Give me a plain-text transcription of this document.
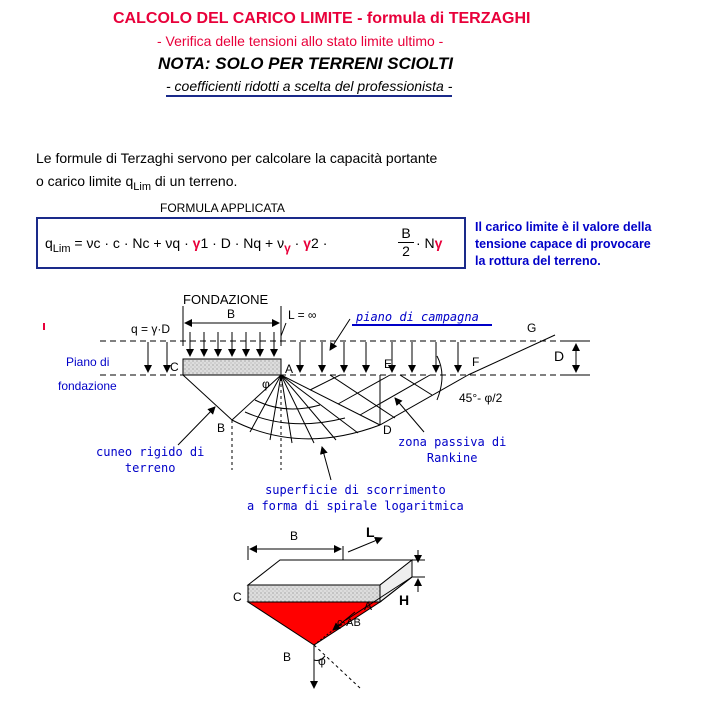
CALCOLO DEL CARICO LIMITE - formula di TERZAGHI
- Verifica delle tensioni allo stato limite ultimo -
NOTA: SOLO PER TERRENI SCIOLTI
- coefficienti ridotti a scelta del professionista -
Le formule di Terzaghi servono per calcolare la capacità portante
o carico limite $q_{Lim}$ di un terreno.
FORMULA APPLICATA
$q_{Lim} = \nu c \cdot c \cdot Nc + \nu q \cdot \gamma 1 \cdot D \cdot Nq + \nu_\gamma \cdot \gamma 2$ ·	$\frac{B}{2} \cdot N\gamma$
Il carico limite è il valore della
tensione capace di provocare
la rottura del terreno.
FONDAZIONE
B	L = ∞
q = γ·D
piano di campagna
G
D
Piano di
fondazione
C	A	E	F
φ
45°- φ/2
B	D
cuneo rigido di
terreno
zona passiva di
Rankine
superficie di scorrimento
a forma di spirale logaritmica
B	L
H
C
A
c·AB
B φ
